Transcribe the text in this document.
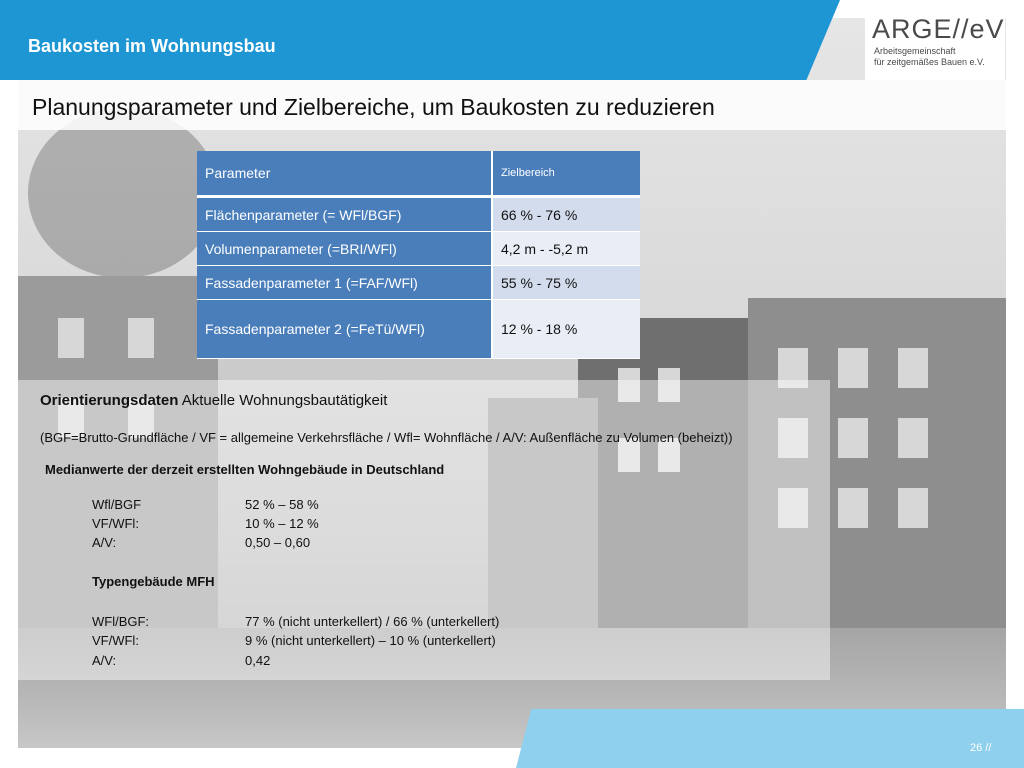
Baukosten im Wohnungsbau
ARGE//eV
Arbeitsgemeinschaft
für zeitgemäßes Bauen e.V.
Planungsparameter und Zielbereiche, um Baukosten zu reduzieren
Parameter	Zielbereich
Flächenparameter (= WFl/BGF)	66 % - 76 %
Volumenparameter (=BRI/WFl)	4,2 m - -5,2 m
Fassadenparameter 1 (=FAF/WFl)	55 % - 75 %
Fassadenparameter 2 (=FeTü/WFl)	12 % - 18 %
Orientierungsdaten Aktuelle Wohnungsbautätigkeit
(BGF=Brutto-Grundfläche / VF = allgemeine Verkehrsfläche / Wfl= Wohnfläche / A/V: Außenfläche zu Volumen (beheizt))
Medianwerte der derzeit erstellten Wohngebäude in Deutschland
Wfl/BGF	52 % – 58 %
VF/WFl:	10 % – 12 %
A/V:	0,50 – 0,60
Typengebäude MFH
WFl/BGF:	77 % (nicht unterkellert) / 66 % (unterkellert)
VF/WFl:	9 % (nicht unterkellert) – 10 % (unterkellert)
A/V:	0,42
26 //
